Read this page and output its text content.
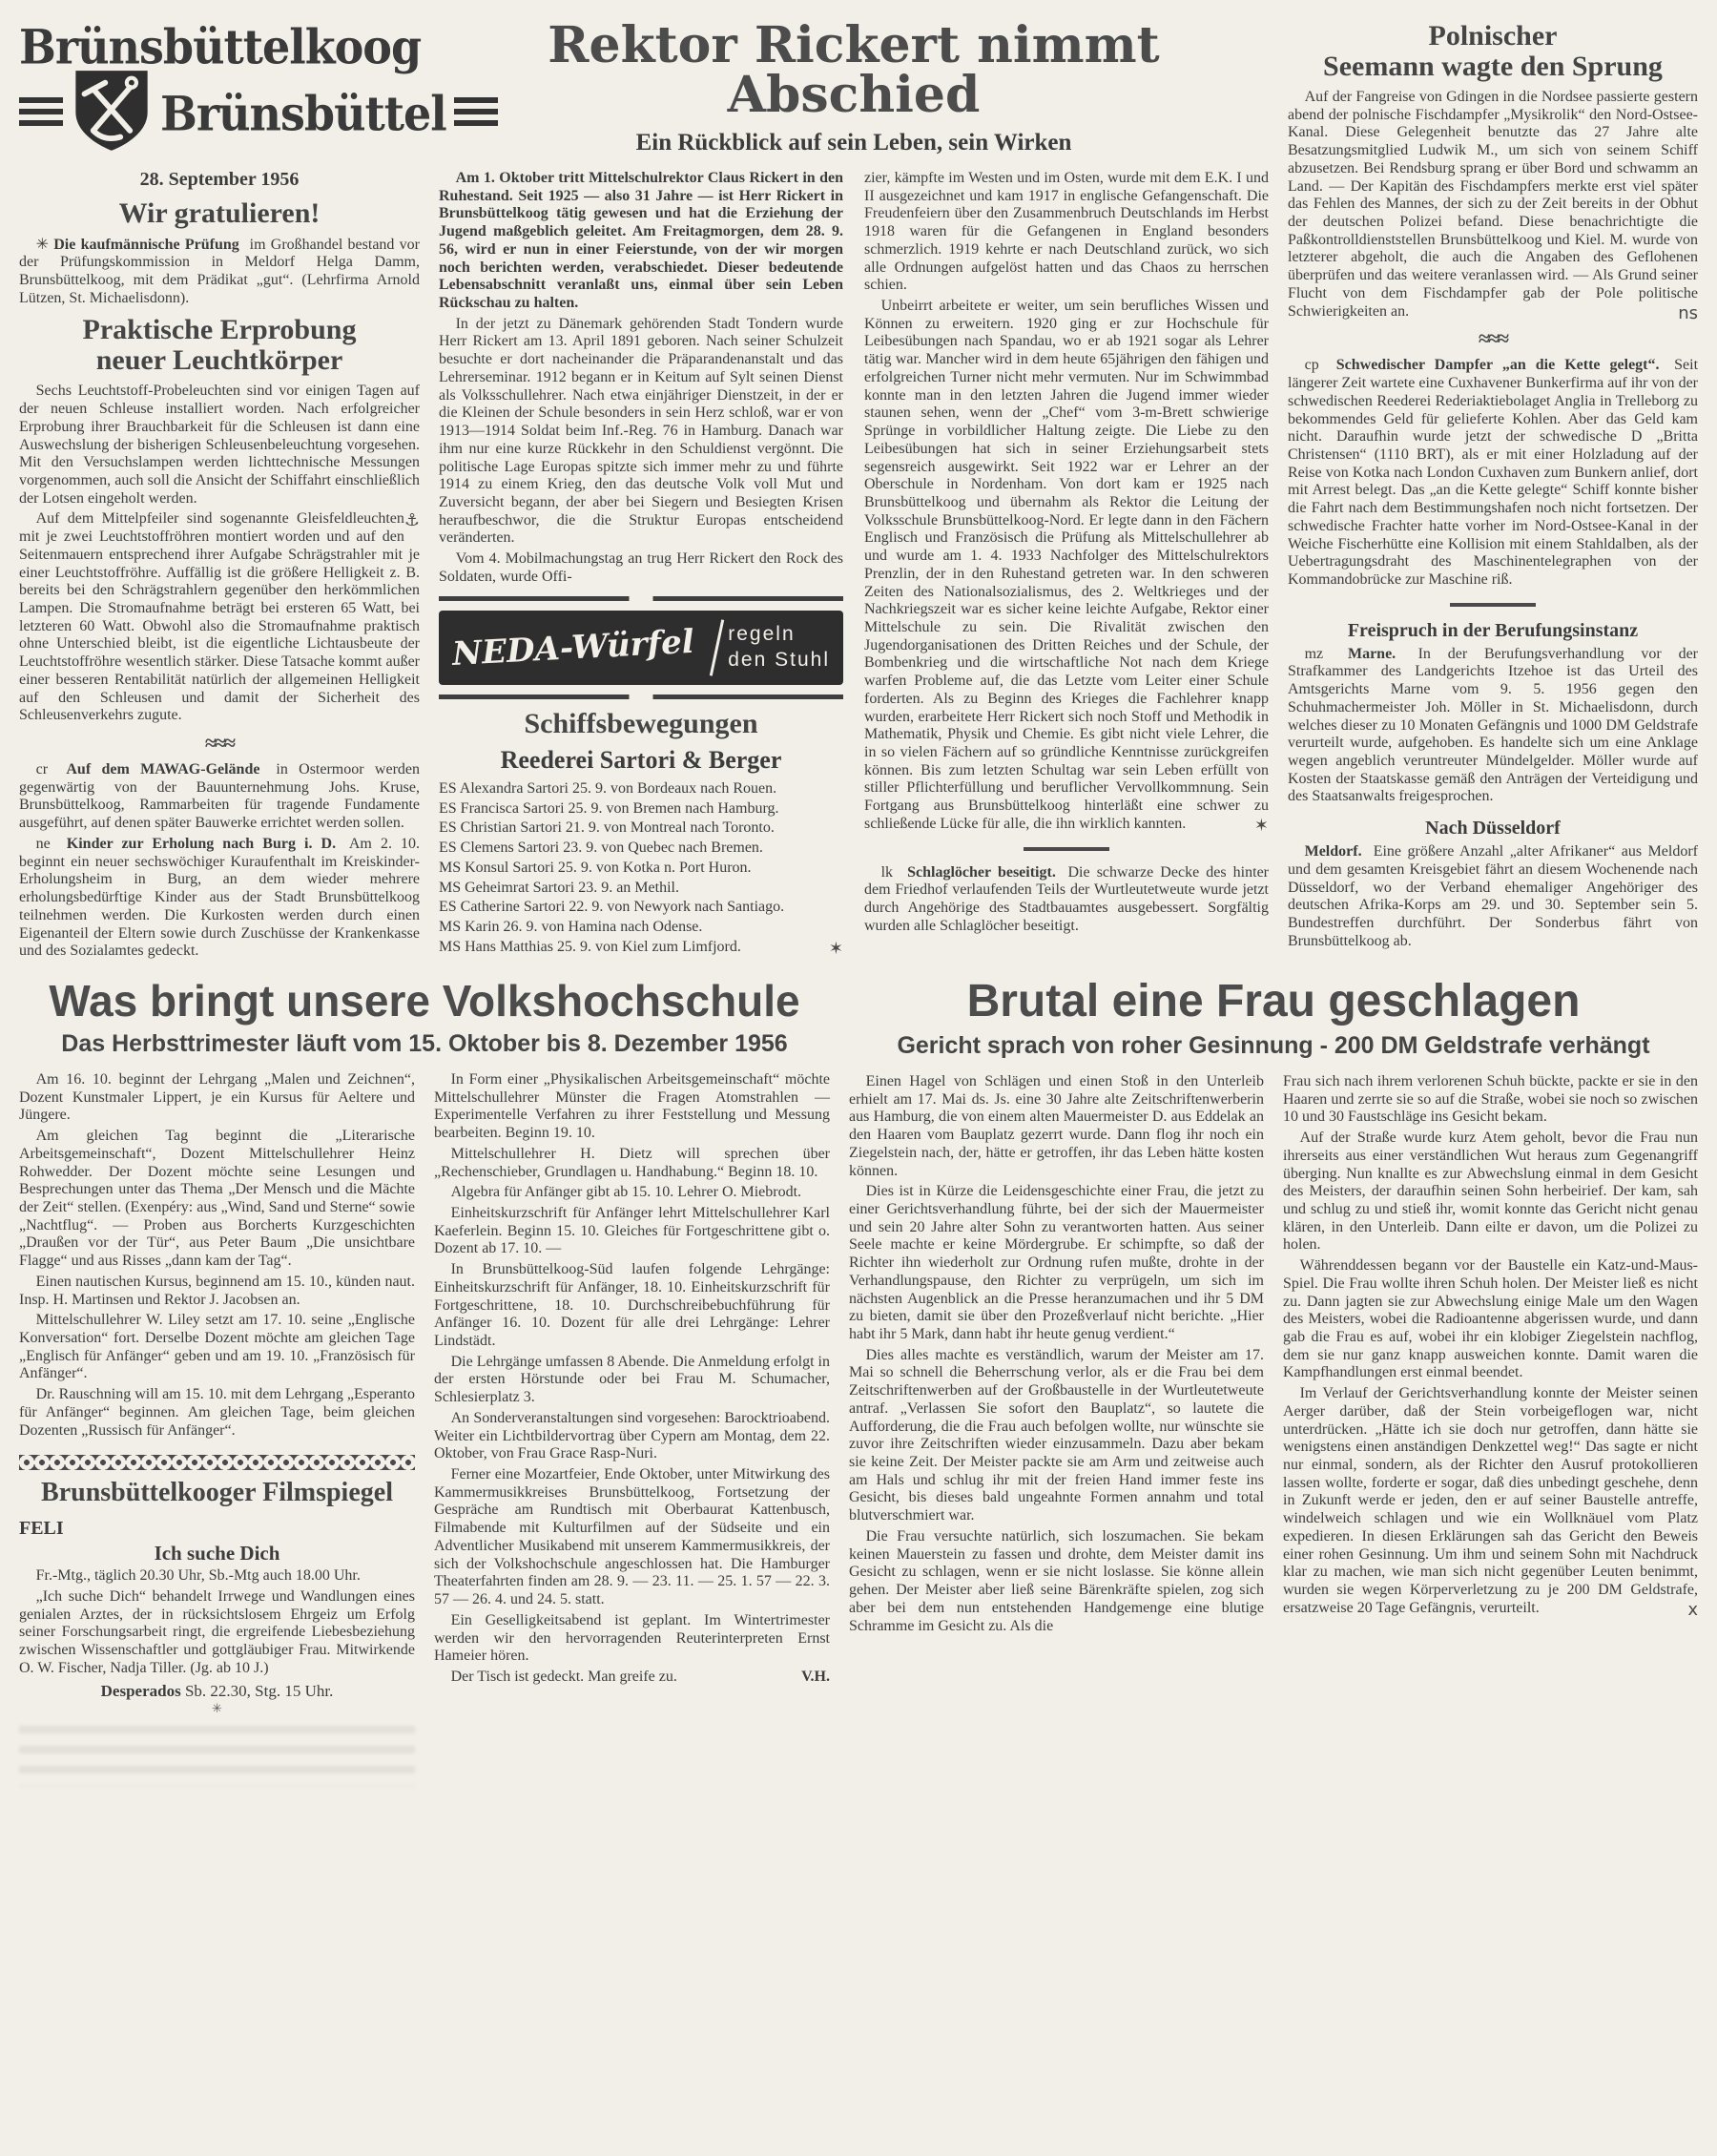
Brünsbüttelkoog
Brünsbüttel
28. September 1956
Wir gratulieren!

✳ Die kaufmännische Prüfung im Großhandel bestand vor der Prüfungskommission in Meldorf Helga Damm, Brunsbüttelkoog, mit dem Prädikat „gut“. (Lehrfirma Arnold Lützen, St. Michaelisdonn).

Praktische Erprobung
neuer Leuchtkörper

Sechs Leuchtstoff-Probeleuchten sind vor einigen Tagen auf der neuen Schleuse installiert worden. Nach erfolgreicher Erprobung ihrer Brauchbarkeit für die Schleusen ist dann eine Auswechslung der bisherigen Schleusenbeleuchtung vorgesehen. Mit den Versuchslampen werden lichttechnische Messungen vorgenommen, auch soll die Ansicht der Schiffahrt einschließlich der Lotsen eingeholt werden.

⚓
Auf dem Mittelpfeiler sind sogenannte Gleisfeldleuchten mit je zwei Leuchtstoffröhren montiert worden und auf den Seitenmauern entsprechend ihrer Aufgabe Schrägstrahler mit je einer Leuchtstoffröhre. Auffällig ist die größere Helligkeit z. B. bereits bei den Schrägstrahlern gegenüber den herkömmlichen Lampen. Die Stromaufnahme beträgt bei ersteren 65 Watt, bei letzteren 60 Watt. Obwohl also die Stromaufnahme praktisch ohne Unterschied bleibt, ist die eigentliche Lichtausbeute der Leuchtstoffröhre wesentlich stärker. Diese Tatsache kommt außer einer besseren Rentabilität natürlich der allgemeinen Helligkeit auf den Schleusen und damit der Sicherheit des Schleusenverkehrs zugute.

≈≈≈

cr Auf dem MAWAG-Gelände in Ostermoor werden gegenwärtig von der Bauunternehmung Johs. Kruse, Brunsbüttelkoog, Rammarbeiten für tragende Fundamente ausgeführt, auf denen später Bauwerke errichtet werden sollen.

ne Kinder zur Erholung nach Burg i. D. Am 2. 10. beginnt ein neuer sechswöchiger Kuraufenthalt im Kreiskinder-Erholungsheim in Burg, an dem wieder mehrere erholungsbedürftige Kinder aus der Stadt Brunsbüttelkoog teilnehmen werden. Die Kurkosten werden durch einen Eigenanteil der Eltern sowie durch Zuschüsse der Krankenkasse und des Sozialamtes gedeckt.

Rektor Rickert nimmt Abschied
Ein Rückblick auf sein Leben, sein Wirken

Am 1. Oktober tritt Mittelschulrektor Claus Rickert in den Ruhestand. Seit 1925 — also 31 Jahre — ist Herr Rickert in Brunsbüttelkoog tätig gewesen und hat die Erziehung der Jugend maßgeblich geleitet. Am Freitagmorgen, dem 28. 9. 56, wird er nun in einer Feierstunde, von der wir morgen noch berichten werden, verabschiedet. Dieser bedeutende Lebensabschnitt veranlaßt uns, einmal über sein Leben Rückschau zu halten.

In der jetzt zu Dänemark gehörenden Stadt Tondern wurde Herr Rickert am 13. April 1891 geboren. Nach seiner Schulzeit besuchte er dort nacheinander die Präparandenanstalt und das Lehrerseminar. 1912 begann er in Keitum auf Sylt seinen Dienst als Volksschullehrer. Nach etwa einjähriger Dienstzeit, in der er die Kleinen der Schule besonders in sein Herz schloß, war er von 1913—1914 Soldat beim Inf.-Reg. 76 in Hamburg. Danach war ihm nur eine kurze Rückkehr in den Schuldienst vergönnt. Die politische Lage Europas spitzte sich immer mehr zu und führte 1914 zu einem Krieg, den das deutsche Volk voll Mut und Zuversicht begann, der aber bei Siegern und Besiegten Krisen heraufbeschwor, die die Struktur Europas entscheidend veränderten.

Vom 4. Mobilmachungstag an trug Herr Rickert den Rock des Soldaten, wurde Offi-

NEDA-Würfel	regeln
den Stuhl
Schiffsbewegungen
Reederei Sartori & Berger
ES Alexandra Sartori 25. 9. von Bordeaux nach Rouen.
ES Francisca Sartori 25. 9. von Bremen nach Hamburg.
ES Christian Sartori 21. 9. von Montreal nach Toronto.
ES Clemens Sartori 23. 9. von Quebec nach Bremen.
MS Konsul Sartori 25. 9. von Kotka n. Port Huron.
MS Geheimrat Sartori 23. 9. an Methil.
ES Catherine Sartori 22. 9. von Newyork nach Santiago.
MS Karin 26. 9. von Hamina nach Odense.
MS Hans Matthias 25. 9. von Kiel zum Limfjord.	✶

zier, kämpfte im Westen und im Osten, wurde mit dem E.K. I und II ausgezeichnet und kam 1917 in englische Gefangenschaft. Die Freudenfeiern über den Zusammenbruch Deutschlands im Herbst 1918 waren für die Gefangenen in England besonders schmerzlich. 1919 kehrte er nach Deutschland zurück, wo sich alle Ordnungen aufgelöst hatten und das Chaos zu herrschen schien.

Unbeirrt arbeitete er weiter, um sein berufliches Wissen und Können zu erweitern. 1920 ging er zur Hochschule für Leibesübungen nach Spandau, wo er ab 1921 sogar als Lehrer tätig war. Mancher wird in dem heute 65jährigen den fähigen und erfolgreichen Turner nicht mehr vermuten. Nur im Schwimmbad konnte man in den letzten Jahren die Jugend immer wieder staunen sehen, wenn der „Chef“ vom 3-m-Brett schwierige Sprünge in vorbildlicher Haltung zeigte. Die Liebe zu den Leibesübungen hat sich in seiner Erziehungsarbeit stets segensreich ausgewirkt. Seit 1922 war er Lehrer an der Oberschule in Nordenham. Von dort kam er 1925 nach Brunsbüttelkoog und übernahm als Rektor die Leitung der Volksschule Brunsbüttelkoog-Nord. Er legte dann in den Fächern Englisch und Französisch die Prüfung als Mittelschullehrer ab und wurde am 1. 4. 1933 Nachfolger des Mittelschulrektors Prenzlin, der in den Ruhestand getreten war. In den schweren Zeiten des Nationalsozialismus, des 2. Weltkrieges und der Nachkriegszeit war es sicher keine leichte Aufgabe, Rektor einer Mittelschule zu sein. Die Rivalität zwischen den Jugendorganisationen des Dritten Reiches und der Schule, der Bombenkrieg und die wirtschaftliche Not nach dem Kriege warfen Probleme auf, die das Letzte vom Leiter einer Schule forderten. Als zu Beginn des Krieges die Fachlehrer knapp wurden, erarbeitete Herr Rickert sich noch Stoff und Methodik in Mathematik, Physik und Chemie. Es gibt nicht viele Lehrer, die in so vielen Fächern auf so gründliche Kenntnisse zurückgreifen können. Bis zum letzten Schultag war sein Leben erfüllt von stiller Pflichterfüllung und beruflicher Vervollkommnung. Sein Fortgang aus Brunsbüttelkoog hinterläßt eine schwer zu schließende Lücke für alle, die ihn wirklich kannten.	✶

lk Schlaglöcher beseitigt. Die schwarze Decke des hinter dem Friedhof verlaufenden Teils der Wurtleutetweute wurde jetzt durch Angehörige des Stadtbauamtes ausgebessert. Sorgfältig wurden alle Schlaglöcher beseitigt.

Polnischer
Seemann wagte den Sprung

Auf der Fangreise von Gdingen in die Nordsee passierte gestern abend der polnische Fischdampfer „Mysikrolik“ den Nord-Ostsee-Kanal. Diese Gelegenheit benutzte das 27 Jahre alte Besatzungsmitglied Ludwik M., um sich von seinem Schiff abzusetzen. Bei Rendsburg sprang er über Bord und schwamm an Land. — Der Kapitän des Fischdampfers merkte erst viel später das Fehlen des Mannes, der sich zu der Zeit bereits in der Obhut der deutschen Polizei befand. Diese benachrichtigte die Paßkontrolldienststellen Brunsbüttelkoog und Kiel. M. wurde von letzterer abgeholt, die auch die Angaben des Geflohenen überprüfen und das weitere veranlassen wird. — Als Grund seiner Flucht von dem Fischdampfer gab der Pole politische Schwierigkeiten an.	ns

≈≈≈

cp Schwedischer Dampfer „an die Kette gelegt“. Seit längerer Zeit wartete eine Cuxhavener Bunkerfirma auf ihr von der schwedischen Reederei Rederiaktiebolaget Anglia in Trelleborg zu bekommendes Geld für gelieferte Kohlen. Aber das Geld kam nicht. Daraufhin wurde jetzt der schwedische D „Britta Christensen“ (1110 BRT), als er mit einer Holzladung auf der Reise von Kotka nach London Cuxhaven zum Bunkern anlief, dort mit Arrest belegt. Das „an die Kette gelegte“ Schiff konnte bisher die Fahrt nach dem Bestimmungshafen noch nicht fortsetzen. Der schwedische Frachter hatte vorher im Nord-Ostsee-Kanal in der Weiche Fischerhütte eine Kollision mit einem Stahldalben, als der Uebertragungsdraht des Maschinentelegraphen von der Kommandobrücke zur Maschine riß.

Freispruch in der Berufungsinstanz

mz Marne. In der Berufungsverhandlung vor der Strafkammer des Landgerichts Itzehoe ist das Urteil des Amtsgerichts Marne vom 9. 5. 1956 gegen den Schuhmachermeister Joh. Möller in St. Michaelisdonn, durch welches dieser zu 10 Monaten Gefängnis und 1000 DM Geldstrafe verurteilt wurde, aufgehoben. Es handelte sich um eine Anklage wegen angeblich veruntreuter Mündelgelder. Möller wurde auf Kosten der Staatskasse gemäß den Anträgen der Verteidigung und des Staatsanwalts freigesprochen.

Nach Düsseldorf

Meldorf. Eine größere Anzahl „alter Afrikaner“ aus Meldorf und dem gesamten Kreisgebiet fährt an diesem Wochenende nach Düsseldorf, wo der Verband ehemaliger Angehöriger des deutschen Afrika-Korps am 29. und 30. September sein 5. Bundestreffen durchführt. Der Sonderbus fährt von Brunsbüttelkoog ab.

Was bringt unsere Volkshochschule
Das Herbsttrimester läuft vom 15. Oktober bis 8. Dezember 1956

Am 16. 10. beginnt der Lehrgang „Malen und Zeichnen“, Dozent Kunstmaler Lippert, je ein Kursus für Aeltere und Jüngere.

Am gleichen Tag beginnt die „Literarische Arbeitsgemeinschaft“, Dozent Mittelschullehrer Heinz Rohwedder. Der Dozent möchte seine Lesungen und Besprechungen unter das Thema „Der Mensch und die Mächte der Zeit“ stellen. (Exenpéry: aus „Wind, Sand und Sterne“ sowie „Nachtflug“. — Proben aus Borcherts Kurzgeschichten „Draußen vor der Tür“, aus Peter Baum „Die unsichtbare Flagge“ und aus Risses „dann kam der Tag“.

Einen nautischen Kursus, beginnend am 15. 10., künden naut. Insp. H. Martinsen und Rektor J. Jacobsen an.

Mittelschullehrer W. Liley setzt am 17. 10. seine „Englische Konversation“ fort. Derselbe Dozent möchte am gleichen Tage „Englisch für Anfänger“ geben und am 19. 10. „Französisch für Anfänger“.

Dr. Rauschning will am 15. 10. mit dem Lehrgang „Esperanto für Anfänger“ beginnen. Am gleichen Tage, beim gleichen Dozenten „Russisch für Anfänger“.

Brunsbüttelkooger Filmspiegel
FELI
Ich suche Dich

Fr.-Mtg., täglich 20.30 Uhr, Sb.-Mtg auch 18.00 Uhr.

„Ich suche Dich“ behandelt Irrwege und Wandlungen eines genialen Arztes, der in rücksichtslosem Ehrgeiz um Erfolg seiner Forschungsarbeit ringt, die ergreifende Liebesbeziehung zwischen Wissenschaftler und gottgläubiger Frau. Mitwirkende O. W. Fischer, Nadja Tiller. (Jg. ab 10 J.)

Desperados Sb. 22.30, Stg. 15 Uhr.
✳

In Form einer „Physikalischen Arbeitsgemeinschaft“ möchte Mittelschullehrer Münster die Fragen Atomstrahlen — Experimentelle Verfahren zu ihrer Feststellung und Messung bearbeiten. Beginn 19. 10.

Mittelschullehrer H. Dietz will sprechen über „Rechenschieber, Grundlagen u. Handhabung.“ Beginn 18. 10.

Algebra für Anfänger gibt ab 15. 10. Lehrer O. Miebrodt.

Einheitskurzschrift für Anfänger lehrt Mittelschullehrer Karl Kaeferlein. Beginn 15. 10. Gleiches für Fortgeschrittene gibt o. Dozent ab 17. 10. —

In Brunsbüttelkoog-Süd laufen folgende Lehrgänge: Einheitskurzschrift für Anfänger, 18. 10. Einheitskurzschrift für Fortgeschrittene, 18. 10. Durchschreibebuchführung für Anfänger 16. 10. Dozent für alle drei Lehrgänge: Lehrer Lindstädt.

Die Lehrgänge umfassen 8 Abende. Die Anmeldung erfolgt in der ersten Hörstunde oder bei Frau M. Schumacher, Schlesierplatz 3.

An Sonderveranstaltungen sind vorgesehen: Barocktrioabend. Weiter ein Lichtbildervortrag über Cypern am Montag, dem 22. Oktober, von Frau Grace Rasp-Nuri.

Ferner eine Mozartfeier, Ende Oktober, unter Mitwirkung des Kammermusikkreises Brunsbüttelkoog, Fortsetzung der Gespräche am Rundtisch mit Oberbaurat Kattenbusch, Filmabende mit Kulturfilmen auf der Südseite und ein Adventlicher Musikabend mit unserem Kammermusikkreis, der sich der Volkshochschule angeschlossen hat. Die Hamburger Theaterfahrten finden am 28. 9. — 23. 11. — 25. 1. 57 — 22. 3. 57 — 26. 4. und 24. 5. statt.

Ein Geselligkeitsabend ist geplant. Im Wintertrimester werden wir den hervorragenden Reuterinterpreten Ernst Hameier hören.

Der Tisch ist gedeckt. Man greife zu.	V.H.
Brutal eine Frau geschlagen
Gericht sprach von roher Gesinnung - 200 DM Geldstrafe verhängt

Einen Hagel von Schlägen und einen Stoß in den Unterleib erhielt am 17. Mai ds. Js. eine 30 Jahre alte Zeitschriftenwerberin aus Hamburg, die von einem alten Mauermeister D. aus Eddelak an den Haaren vom Bauplatz gezerrt wurde. Dann flog ihr noch ein Ziegelstein nach, der, hätte er getroffen, ihr das Leben hätte kosten können.

Dies ist in Kürze die Leidensgeschichte einer Frau, die jetzt zu einer Gerichtsverhandlung führte, bei der sich der Mauermeister und sein 20 Jahre alter Sohn zu verantworten hatten. Aus seiner Seele machte er keine Mördergrube. Er schimpfte, so daß der Richter ihn wiederholt zur Ordnung rufen mußte, drohte in der Verhandlungspause, den Richter zu verprügeln, um sich im nächsten Augenblick an die Presse heranzumachen und ihr 5 DM zu bieten, damit sie über den Prozeßverlauf nicht berichte. „Hier habt ihr 5 Mark, dann habt ihr heute genug verdient.“

Dies alles machte es verständlich, warum der Meister am 17. Mai so schnell die Beherrschung verlor, als er die Frau bei dem Zeitschriftenwerben auf der Großbaustelle in der Wurtleutetweute antraf. „Verlassen Sie sofort den Bauplatz“, so lautete die Aufforderung, die die Frau auch befolgen wollte, nur wünschte sie zuvor ihre Zeitschriften wieder einzusammeln. Dazu aber bekam sie keine Zeit. Der Meister packte sie am Arm und zeitweise auch am Hals und schlug ihr mit der freien Hand immer feste ins Gesicht, bis dieses bald ungeahnte Formen annahm und total blutverschmiert war.

Die Frau versuchte natürlich, sich loszumachen. Sie bekam keinen Mauerstein zu fassen und drohte, dem Meister damit ins Gesicht zu schlagen, wenn er sie nicht loslasse. Sie könne allein gehen. Der Meister aber ließ seine Bärenkräfte spielen, zog sich aber bei dem nun entstehenden Handgemenge eine blutige Schramme im Gesicht zu. Als die

Frau sich nach ihrem verlorenen Schuh bückte, packte er sie in den Haaren und zerrte sie so auf die Straße, wobei sie noch so zwischen 10 und 30 Faustschläge ins Gesicht bekam.

Auf der Straße wurde kurz Atem geholt, bevor die Frau nun ihrerseits aus einer verständlichen Wut heraus zum Gegenangriff überging. Nun knallte es zur Abwechslung einmal in dem Gesicht des Meisters, der daraufhin seinen Sohn herbeirief. Der kam, sah und schlug zu und stieß ihr, womit konnte das Gericht nicht genau klären, in den Unterleib. Dann eilte er davon, um die Polizei zu holen.

Währenddessen begann vor der Baustelle ein Katz-und-Maus-Spiel. Die Frau wollte ihren Schuh holen. Der Meister ließ es nicht zu. Dann jagten sie zur Abwechslung einige Male um den Wagen des Meisters, wobei die Radioantenne abgerissen wurde, und dann gab die Frau es auf, wobei ihr ein klobiger Ziegelstein nachflog, dem sie nur ganz knapp ausweichen konnte. Damit waren die Kampfhandlungen erst einmal beendet.

Im Verlauf der Gerichtsverhandlung konnte der Meister seinen Aerger darüber, daß der Stein vorbeigeflogen war, nicht unterdrücken. „Hätte ich sie doch nur getroffen, dann hätte sie wenigstens einen anständigen Denkzettel weg!“ Das sagte er nicht nur einmal, sondern, als der Richter den Ausruf protokollieren lassen wollte, forderte er sogar, daß dies unbedingt geschehe, denn in Zukunft werde er jeden, den er auf seiner Baustelle antreffe, windelweich schlagen und wie ein Wollknäuel vom Platz expedieren. In diesen Erklärungen sah das Gericht den Beweis einer rohen Gesinnung. Um ihm und seinem Sohn mit Nachdruck klar zu machen, wie man sich nicht gegenüber Leuten benimmt, wurden sie wegen Körperverletzung zu je 200 DM Geldstrafe, ersatzweise 20 Tage Gefängnis, verurteilt.	x
